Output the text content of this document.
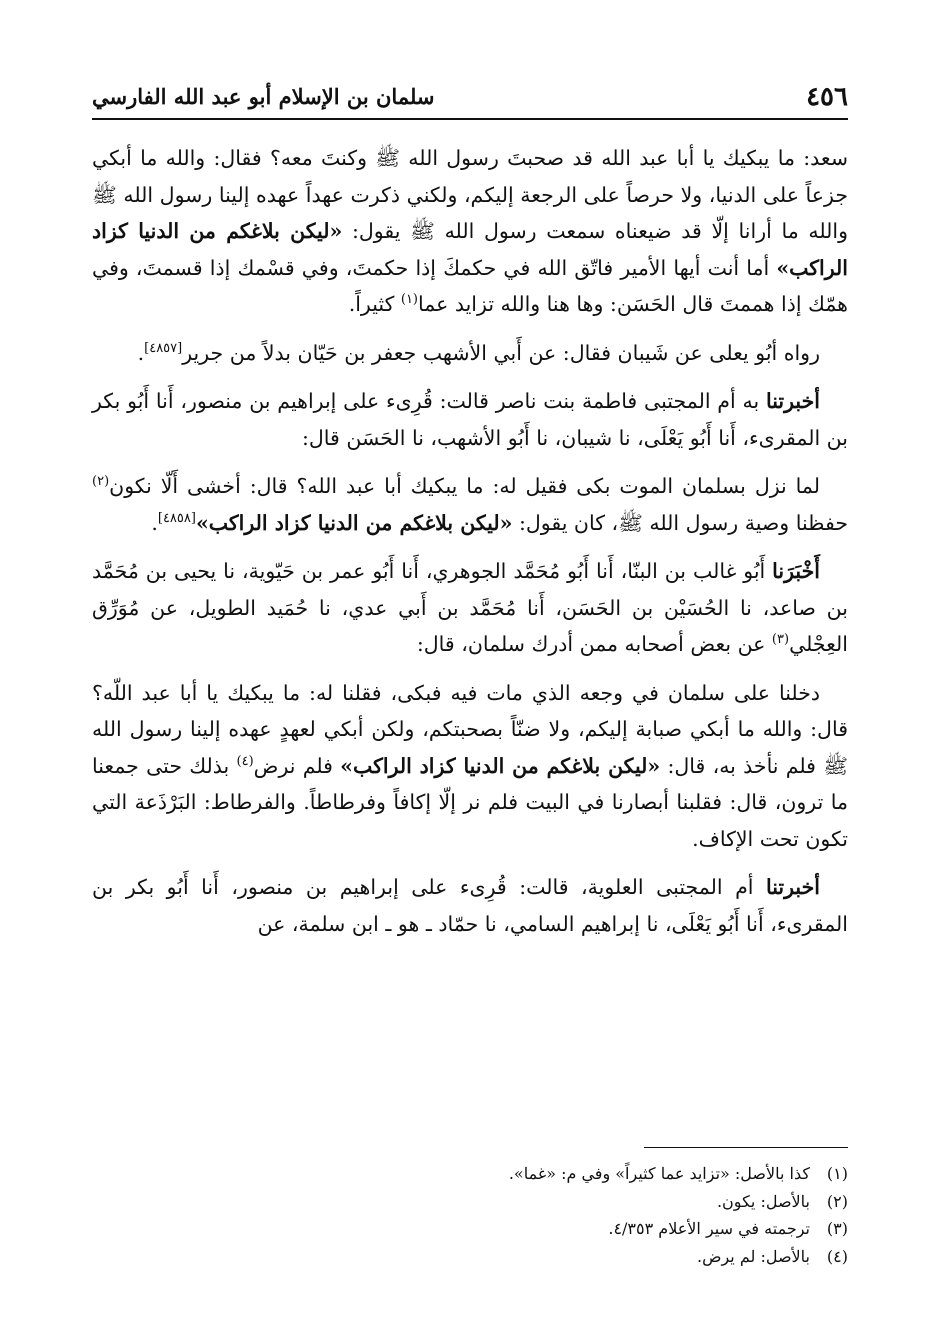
٤٥٦
سلمان بن الإسلام أبو عبد الله الفارسي

سعد: ما يبكيك يا أبا عبد الله قد صحبتَ رسول الله ﷺ وكنتَ معه؟ فقال: والله ما أبكي جزعاً على الدنيا، ولا حرصاً على الرجعة إليكم، ولكني ذكرت عهداً عهده إلينا رسول الله ﷺ والله ما أرانا إلّا قد ضيعناه سمعت رسول الله ﷺ يقول: «ليكن بلاغكم من الدنيا كزاد الراكب» أما أنت أيها الأمير فاتّق الله في حكمكَ إذا حكمتَ، وفي قسْمك إذا قسمتَ، وفي همّك إذا هممتَ قال الحَسَن: وها هنا والله تزايد عما$^{(١)}$ كثيراً.

رواه أبُو يعلى عن شَيبان فقال: عن أَبي الأشهب جعفر بن حَيّان بدلاً من جرير[٤٨٥٧].

أخبرتنا به أم المجتبى فاطمة بنت ناصر قالت: قُرِىء على إبراهيم بن منصور، أَنا أَبُو بكر بن المقرىء، أَنا أَبُو يَعْلَى، نا شيبان، نا أَبُو الأشهب، نا الحَسَن قال:

لما نزل بسلمان الموت بكى فقيل له: ما يبكيك أبا عبد الله؟ قال: أخشى أَلّا نكون$^{(٢)}$ حفظنا وصية رسول الله ﷺ، كان يقول: «ليكن بلاغكم من الدنيا كزاد الراكب»[٤٨٥٨].

أَخْبَرَنا أَبُو غالب بن البنّا، أَنا أَبُو مُحَمَّد الجوهري، أَنا أَبُو عمر بن حَيّوية، نا يحيى بن مُحَمَّد بن صاعد، نا الحُسَيْن بن الحَسَن، أَنا مُحَمَّد بن أَبي عدي، نا حُمَيد الطويل، عن مُوَرِّق العِجْلي$^{(٣)}$ عن بعض أصحابه ممن أدرك سلمان، قال:

دخلنا على سلمان في وجعه الذي مات فيه فبكى، فقلنا له: ما يبكيك يا أبا عبد اللّه؟ قال: والله ما أبكي صبابة إليكم، ولا ضنّاً بصحبتكم، ولكن أبكي لعهدٍ عهده إلينا رسول الله ﷺ فلم نأخذ به، قال: «ليكن بلاغكم من الدنيا كزاد الراكب» فلم نرض$^{(٤)}$ بذلك حتى جمعنا ما ترون، قال: فقلبنا أبصارنا في البيت فلم نر إلّا إكافاً وفرطاطاً. والفرطاط: البَرْذَعة التي تكون تحت الإكاف.

أخبرتنا أم المجتبى العلوية، قالت: قُرِىء على إبراهيم بن منصور، أَنا أَبُو بكر بن المقرىء، أَنا أَبُو يَعْلَى، نا إبراهيم السامي، نا حمّاد ـ هو ـ ابن سلمة، عن

(١)كذا بالأصل: «تزايد عما كثيراً» وفي م: «غما».
(٢)بالأصل: يكون.
(٣)ترجمته في سير الأعلام ٤/٣٥٣.
(٤)بالأصل: لم يرض.
